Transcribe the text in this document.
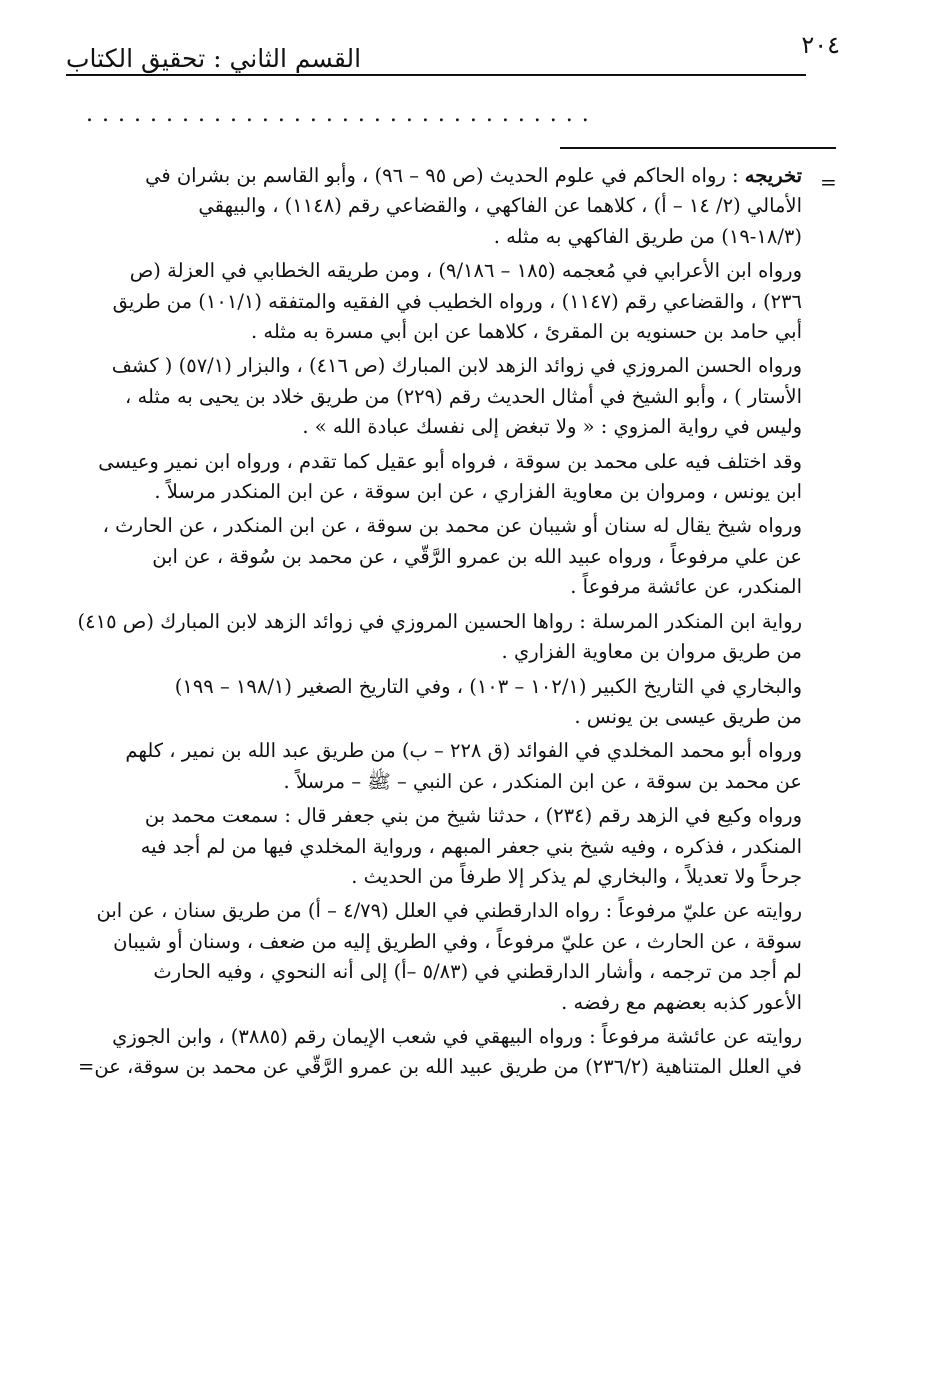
٢٠٤
القسم الثاني : تحقيق الكتاب
................................
=
تخريجه : رواه الحاكم في علوم الحديث (ص ٩٥ – ٩٦) ، وأبو القاسم بن بشران في
الأمالي (٢/ ١٤ – أ) ، كلاهما عن الفاكهي ، والقضاعي رقم (١١٤٨) ، والبيهقي
(١٨/٣-١٩) من طريق الفاكهي به مثله .
ورواه ابن الأعرابي في مُعجمه (١٨٥ – ٩/١٨٦) ، ومن طريقه الخطابي في العزلة (ص
٢٣٦) ، والقضاعي رقم (١١٤٧) ، ورواه الخطيب في الفقيه والمتفقه (١٠١/١) من طريق
أبي حامد بن حسنويه بن المقرئ ، كلاهما عن ابن أبي مسرة به مثله .
ورواه الحسن المروزي في زوائد الزهد لابن المبارك (ص ٤١٦) ، والبزار (٥٧/١) ( كشف
الأستار ) ، وأبو الشيخ في أمثال الحديث رقم (٢٢٩) من طريق خلاد بن يحيى به مثله ،
وليس في رواية المزوي : « ولا تبغض إلى نفسك عبادة الله » .
وقد اختلف فيه على محمد بن سوقة ، فرواه أبو عقيل كما تقدم ، ورواه ابن نمير وعيسى
ابن يونس ، ومروان بن معاوية الفزاري ، عن ابن سوقة ، عن ابن المنكدر مرسلاً .
ورواه شيخ يقال له سنان أو شيبان عن محمد بن سوقة ، عن ابن المنكدر ، عن الحارث ،
عن علي مرفوعاً ، ورواه عبيد الله بن عمرو الرَّقّي ، عن محمد بن سُوقة ، عن ابن
المنكدر، عن عائشة مرفوعاً .
رواية ابن المنكدر المرسلة : رواها الحسين المروزي في زوائد الزهد لابن المبارك (ص ٤١٥)
من طريق مروان بن معاوية الفزاري .
والبخاري في التاريخ الكبير (١٠٢/١ – ١٠٣) ، وفي التاريخ الصغير (١٩٨/١ – ١٩٩)
من طريق عيسى بن يونس .
ورواه أبو محمد المخلدي في الفوائد (ق ٢٢٨ – ب) من طريق عبد الله بن نمير ، كلهم
عن محمد بن سوقة ، عن ابن المنكدر ، عن النبي – ﷺ – مرسلاً .
ورواه وكيع في الزهد رقم (٢٣٤) ، حدثنا شيخ من بني جعفر قال : سمعت محمد بن
المنكدر ، فذكره ، وفيه شيخ بني جعفر المبهم ، ورواية المخلدي فيها من لم أجد فيه
جرحاً ولا تعديلاً ، والبخاري لم يذكر إلا طرفاً من الحديث .
روايته عن عليّ مرفوعاً : رواه الدارقطني في العلل (٤/٧٩ – أ) من طريق سنان ، عن ابن
سوقة ، عن الحارث ، عن عليّ مرفوعاً ، وفي الطريق إليه من ضعف ، وسنان أو شيبان
لم أجد من ترجمه ، وأشار الدارقطني في (٥/٨٣ –أ) إلى أنه النحوي ، وفيه الحارث
الأعور كذبه بعضهم مع رفضه .
روايته عن عائشة مرفوعاً : ورواه البيهقي في شعب الإيمان رقم (٣٨٨٥) ، وابن الجوزي
في العلل المتناهية (٢٣٦/٢) من طريق عبيد الله بن عمرو الرَّقّي عن محمد بن سوقة، عن=
